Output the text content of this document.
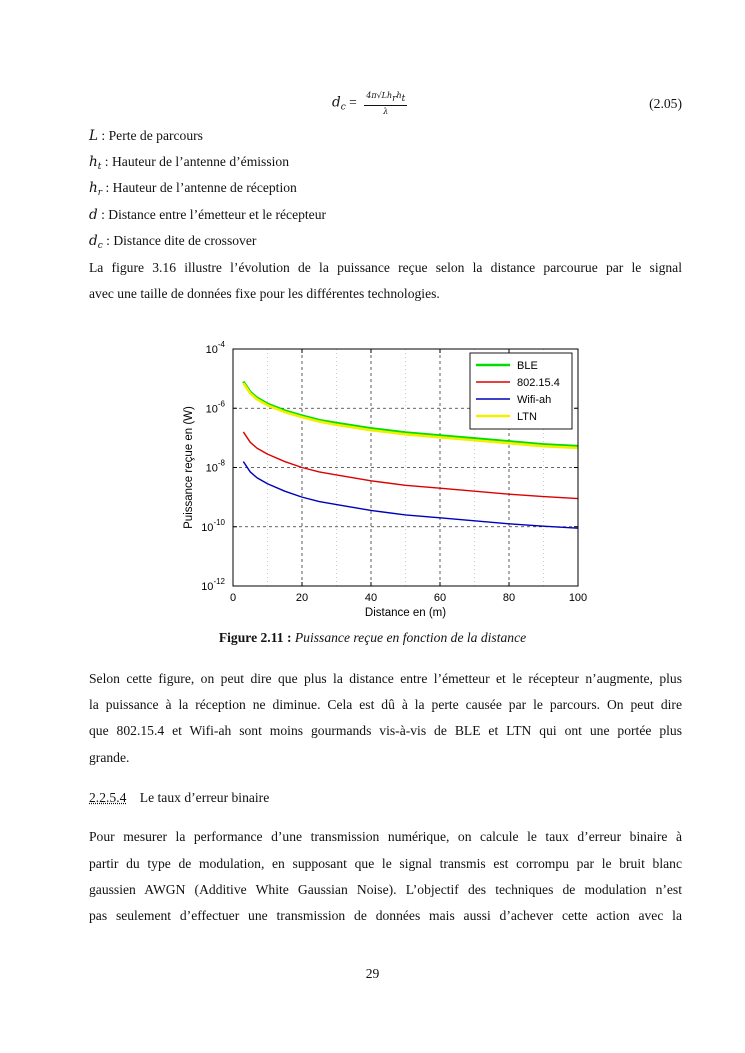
$d_c = \frac{\text{4π√Lhrht}}{\lambda}$	(2.05)
L : Perte de parcours
$h_t$ : Hauteur de l’antenne d’émission
$h_r$ : Hauteur de l’antenne de réception
d : Distance entre l’émetteur et le récepteur
$d_c$ : Distance dite de crossover
La figure 3.16 illustre l’évolution de la puissance reçue selon la distance parcourue par le signal
avec une taille de données fixe pour les différentes technologies.
0	20	40	60	80	100
$10^{-4}$
$10^{-6}$
$10^{-8}$
$10^{-10}$
$10^{-12}$
Distance en (m)
Puissance reçue en (W)
BLE
802.15.4
Wifi-ah
LTN
Figure 2.11 : Puissance reçue en fonction de la distance
Selon cette figure, on peut dire que plus la distance entre l’émetteur et le récepteur n’augmente, plus
la puissance à la réception ne diminue. Cela est dû à la perte causée par le parcours. On peut dire
que 802.15.4 et Wifi-ah sont moins gourmands vis-à-vis de BLE et LTN qui ont une portée plus
grande.
2.2.5.4 Le taux d’erreur binaire
Pour mesurer la performance d’une transmission numérique, on calcule le taux d’erreur binaire à
partir du type de modulation, en supposant que le signal transmis est corrompu par le bruit blanc
gaussien AWGN (Additive White Gaussian Noise). L’objectif des techniques de modulation n’est
pas seulement d’effectuer une transmission de données mais aussi d’achever cette action avec la
29
